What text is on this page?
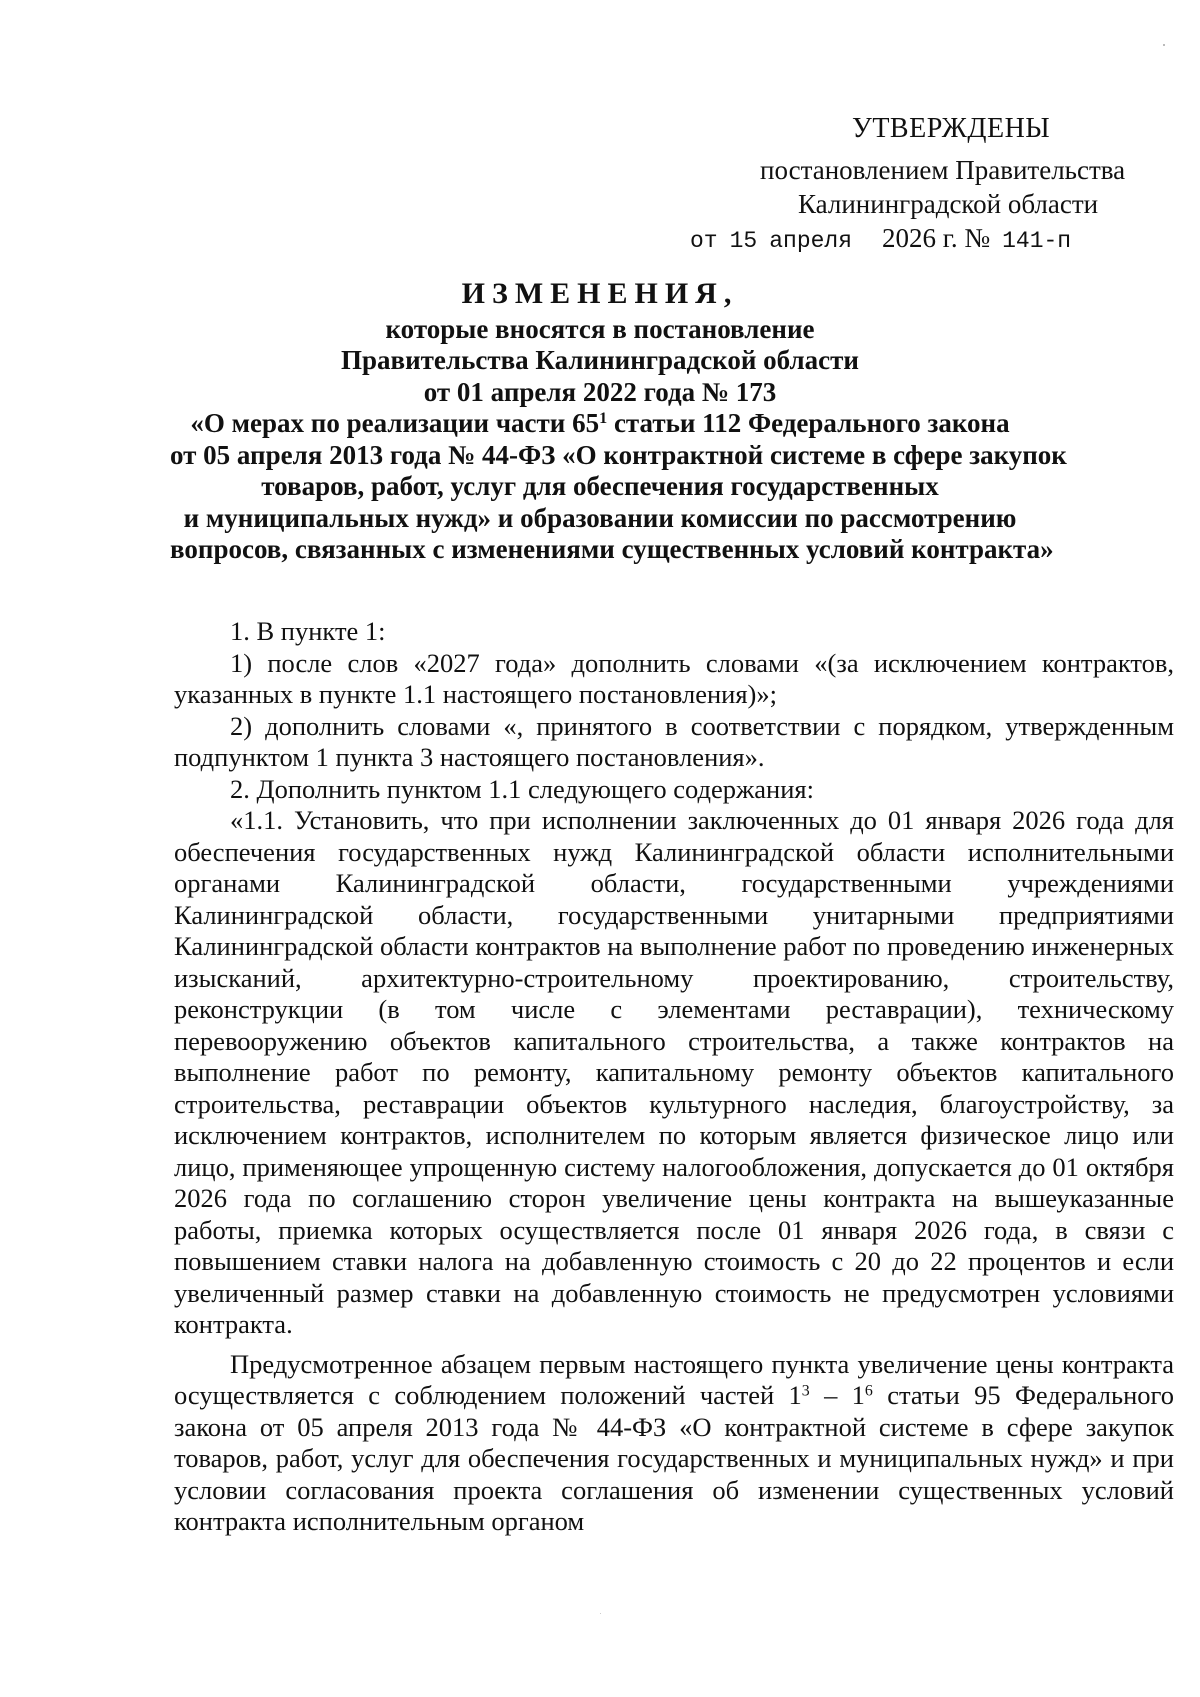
УТВЕРЖДЕНЫ
постановлением Правительства
Калининградской области
от 15 апреля 2026 г. № 141-п
ИЗМЕНЕНИЯ,
которые вносятся в постановление
Правительства Калининградской области
от 01 апреля 2022 года № 173
«О мерах по реализации части $65^1$ статьи 112 Федерального закона
от 05 апреля 2013 года № 44-ФЗ «О контрактной системе в сфере закупок
товаров, работ, услуг для обеспечения государственных
и муниципальных нужд» и образовании комиссии по рассмотрению
вопросов, связанных с изменениями существенных условий контракта»

1. В пункте 1:

1) после слов «2027 года» дополнить словами «(за исключением контрактов, указанных в пункте 1.1 настоящего постановления)»;

2) дополнить словами «, принятого в соответствии с порядком, утвержденным подпунктом 1 пункта 3 настоящего постановления».

2. Дополнить пунктом 1.1 следующего содержания:

«1.1. Установить, что при исполнении заключенных до 01 января 2026 года для обеспечения государственных нужд Калининградской области исполнительными органами Калининградской области, государственными учреждениями Калининградской области, государственными унитарными предприятиями Калининградской области контрактов на выполнение работ по проведению инженерных изысканий, архитектурно-строительному проектированию, строительству, реконструкции (в том числе с элементами реставрации), техническому перевооружению объектов капитального строительства, а также контрактов на выполнение работ по ремонту, капитальному ремонту объектов капитального строительства, реставрации объектов культурного наследия, благоустройству, за исключением контрактов, исполнителем по которым является физическое лицо или лицо, применяющее упрощенную систему налогообложения, допускается до 01 октября 2026 года по соглашению сторон увеличение цены контракта на вышеуказанные работы, приемка которых осуществляется после 01 января 2026 года, в связи с повышением ставки налога на добавленную стоимость с 20 до 22 процентов и если увеличенный размер ставки на добавленную стоимость не предусмотрен условиями контракта.

Предусмотренное абзацем первым настоящего пункта увеличение цены контракта осуществляется с соблюдением положений частей $1^3 - 1^6$ статьи 95 Федерального закона от 05 апреля 2013 года № 44-ФЗ «О контрактной системе в сфере закупок товаров, работ, услуг для обеспечения государственных и муниципальных нужд» и при условии согласования проекта соглашения об изменении существенных условий контракта исполнительным органом
